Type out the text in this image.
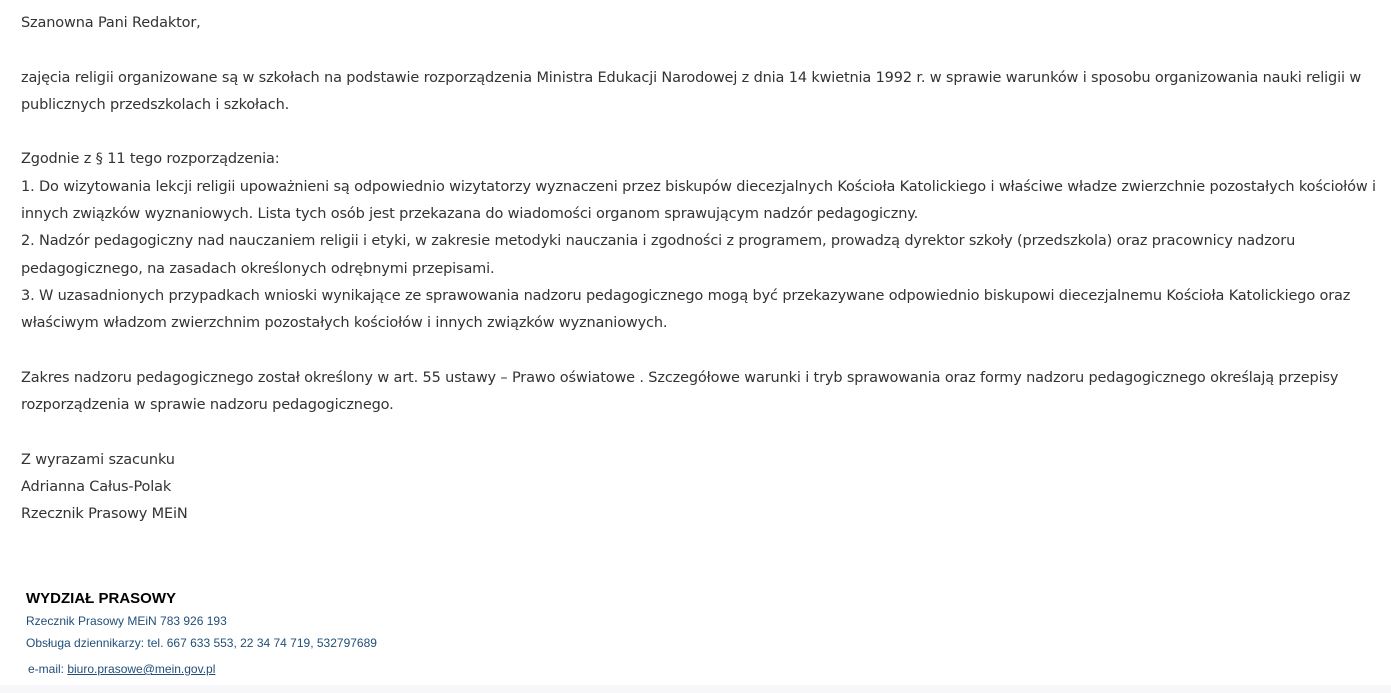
Szanowna Pani Redaktor,

zajęcia religii organizowane są w szkołach na podstawie rozporządzenia Ministra Edukacji Narodowej z dnia 14 kwietnia 1992 r. w sprawie warunków i sposobu organizowania nauki religii w publicznych przedszkolach i szkołach.

Zgodnie z § 11 tego rozporządzenia:

1. Do wizytowania lekcji religii upoważnieni są odpowiednio wizytatorzy wyznaczeni przez biskupów diecezjalnych Kościoła Katolickiego i właściwe władze zwierzchnie pozostałych kościołów i innych związków wyznaniowych. Lista tych osób jest przekazana do wiadomości organom sprawującym nadzór pedagogiczny.

2. Nadzór pedagogiczny nad nauczaniem religii i etyki, w zakresie metodyki nauczania i zgodności z programem, prowadzą dyrektor szkoły (przedszkola) oraz pracownicy nadzoru pedagogicznego, na zasadach określonych odrębnymi przepisami.

3. W uzasadnionych przypadkach wnioski wynikające ze sprawowania nadzoru pedagogicznego mogą być przekazywane odpowiednio biskupowi diecezjalnemu Kościoła Katolickiego oraz właściwym władzom zwierzchnim pozostałych kościołów i innych związków wyznaniowych.

Zakres nadzoru pedagogicznego został określony w art. 55 ustawy – Prawo oświatowe . Szczegółowe warunki i tryb sprawowania oraz formy nadzoru pedagogicznego określają przepisy rozporządzenia w sprawie nadzoru pedagogicznego.

Z wyrazami szacunku

Adrianna Całus-Polak

Rzecznik Prasowy MEiN

WYDZIAŁ PRASOWY

Rzecznik Prasowy MEiN 783 926 193

Obsługa dziennikarzy: tel. 667 633 553, 22 34 74 719, 532797689

e-mail: biuro.prasowe@mein.gov.pl
